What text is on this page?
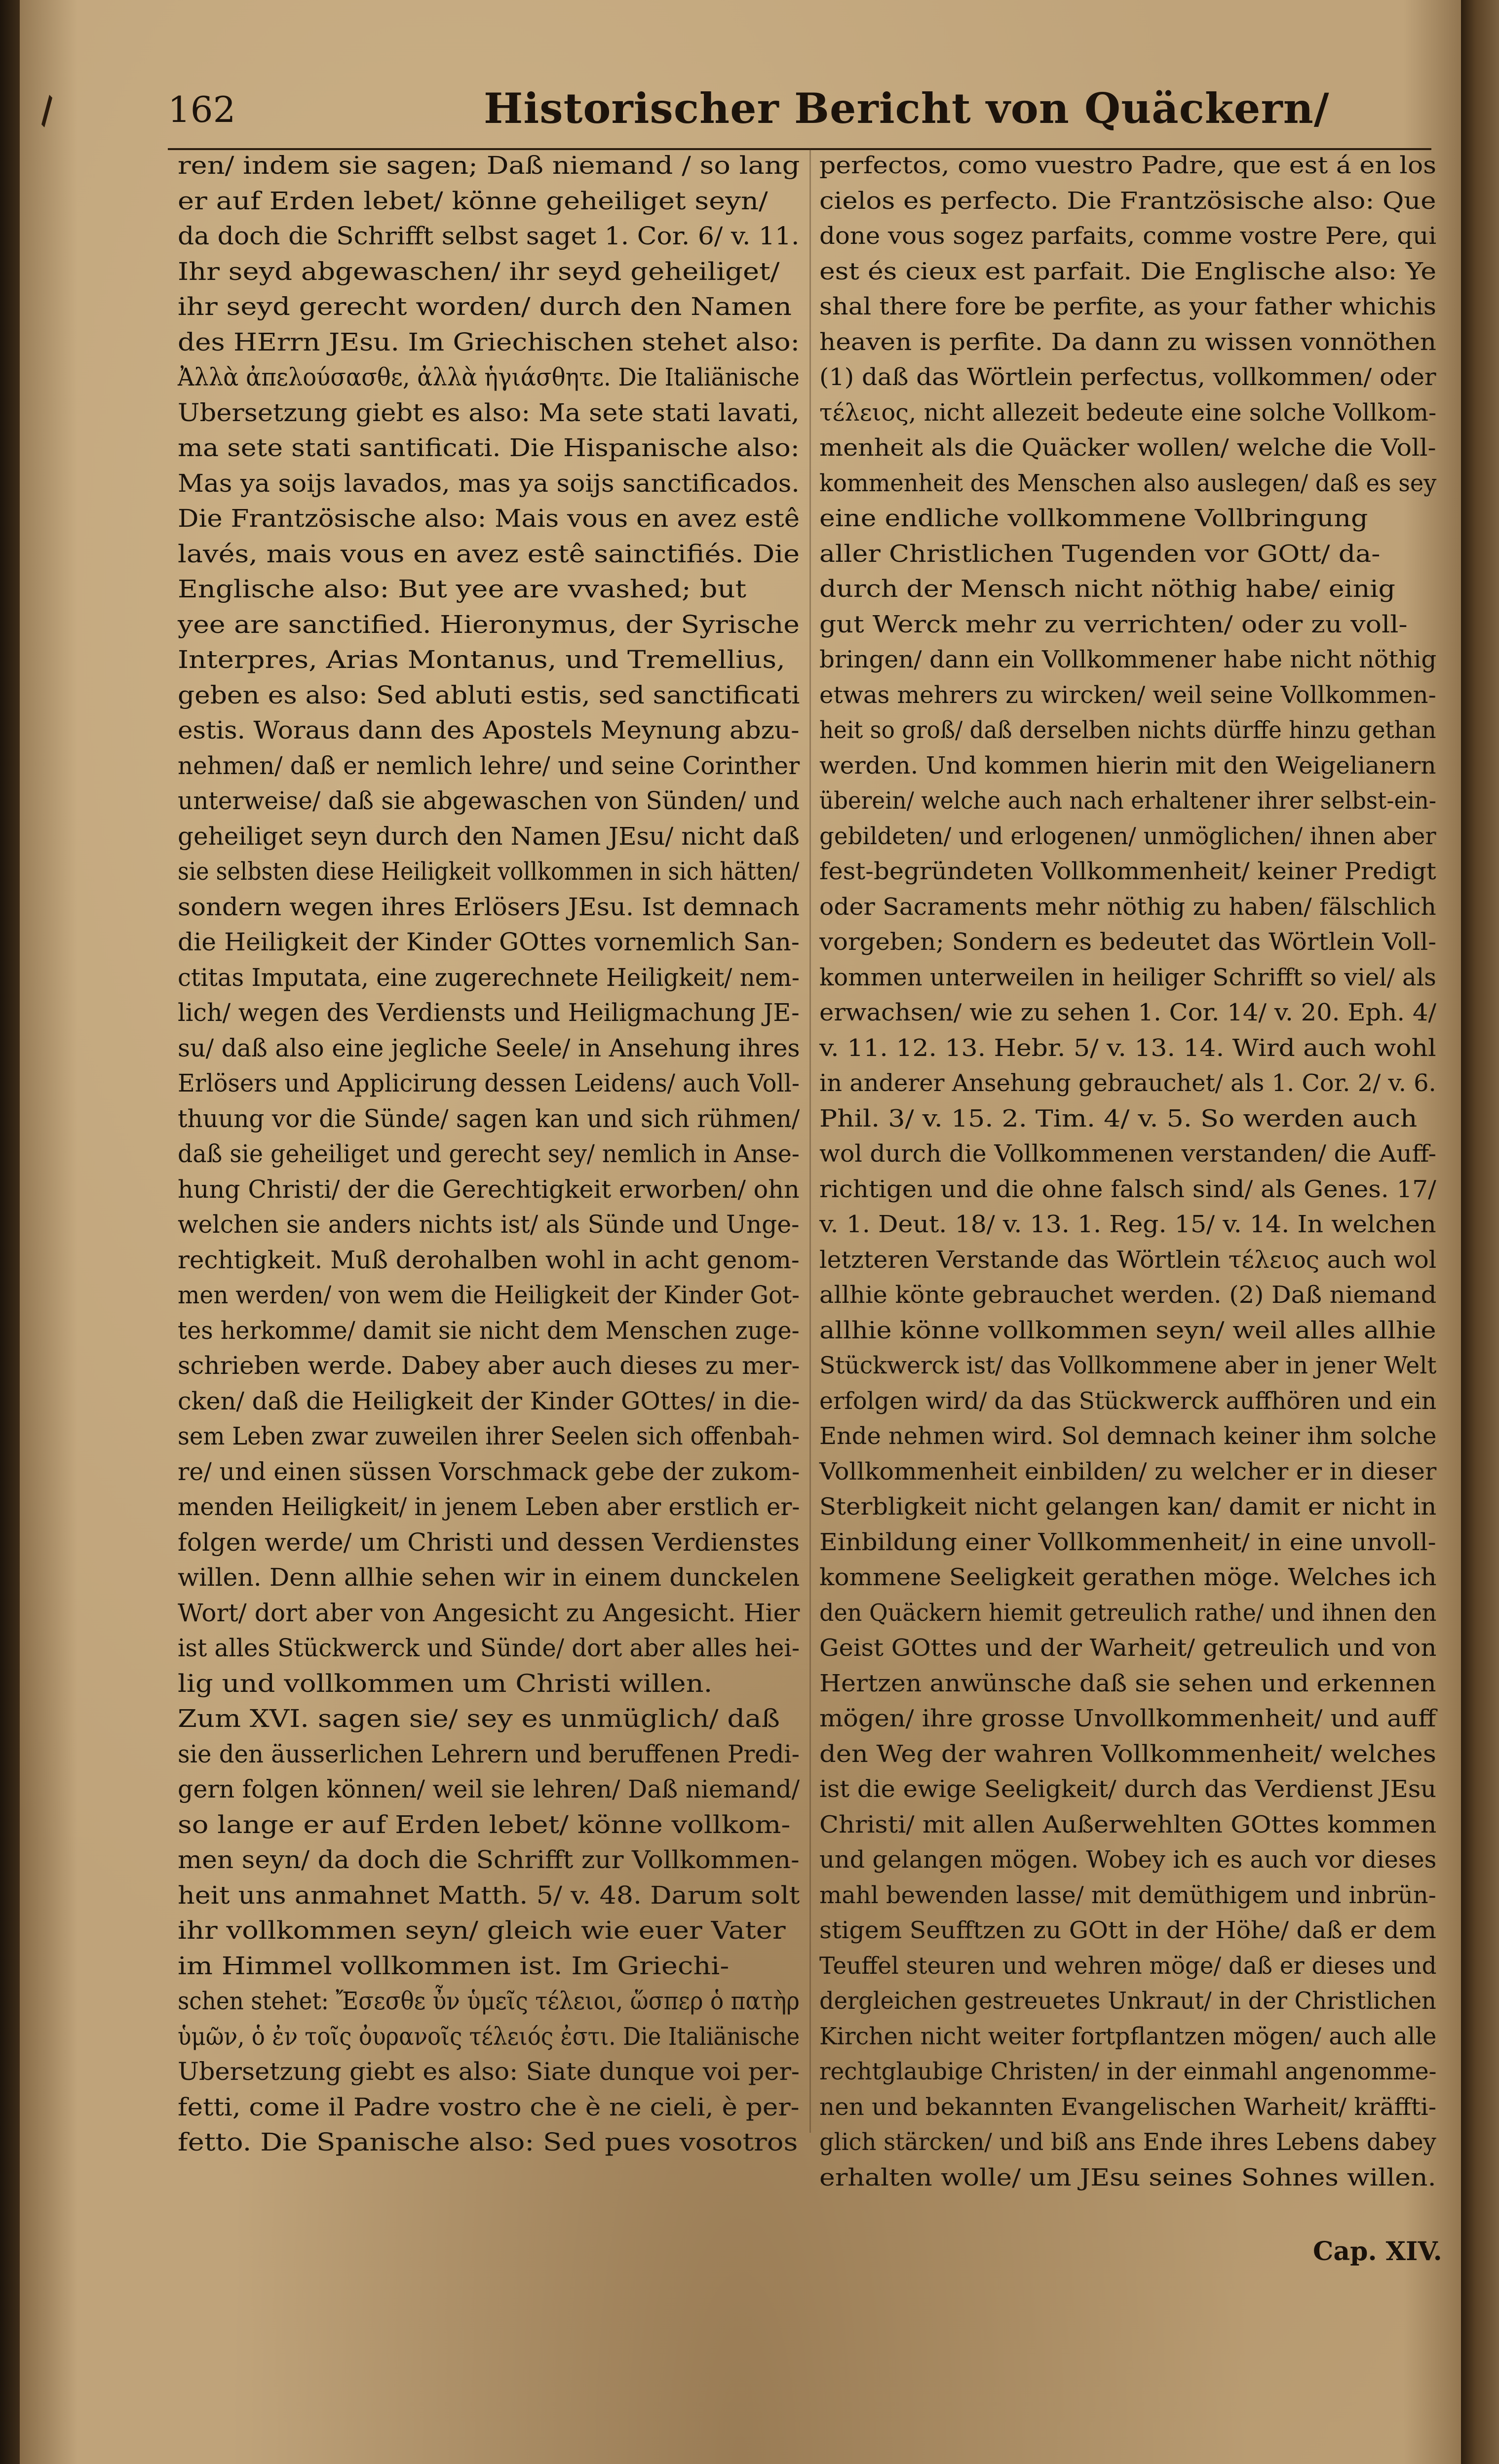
162	Historischer Bericht von Quäckern/
ren/ indem sie sagen; Daß niemand / so lang
er auf Erden lebet/ könne geheiliget seyn/
da doch die Schrifft selbst saget 1. Cor. 6/ v. 11.
Ihr seyd abgewaschen/ ihr seyd geheiliget/
ihr seyd gerecht worden/ durch den Namen
des HErrn JEsu. Im Griechischen stehet also:
Ἀλλὰ ἀπελούσασθε, ἀλλὰ ἡγιάσθητε. Die Italiänische
Ubersetzung giebt es also: Ma sete stati lavati,
ma sete stati santificati. Die Hispanische also:
Mas ya soijs lavados, mas ya soijs sanctificados.
Die Frantzösische also: Mais vous en avez estê
lavés, mais vous en avez estê sainctifiés. Die
Englische also: But yee are vvashed; but
yee are sanctified. Hieronymus, der Syrische
Interpres, Arias Montanus, und Tremellius,
geben es also: Sed abluti estis, sed sanctificati
estis. Woraus dann des Apostels Meynung abzu-
nehmen/ daß er nemlich lehre/ und seine Corinther
unterweise/ daß sie abgewaschen von Sünden/ und
geheiliget seyn durch den Namen JEsu/ nicht daß
sie selbsten diese Heiligkeit vollkommen in sich hätten/
sondern wegen ihres Erlösers JEsu. Ist demnach
die Heiligkeit der Kinder GOttes vornemlich San-
ctitas Imputata, eine zugerechnete Heiligkeit/ nem-
lich/ wegen des Verdiensts und Heiligmachung JE-
su/ daß also eine jegliche Seele/ in Ansehung ihres
Erlösers und Applicirung dessen Leidens/ auch Voll-
thuung vor die Sünde/ sagen kan und sich rühmen/
daß sie geheiliget und gerecht sey/ nemlich in Anse-
hung Christi/ der die Gerechtigkeit erworben/ ohn
welchen sie anders nichts ist/ als Sünde und Unge-
rechtigkeit. Muß derohalben wohl in acht genom-
men werden/ von wem die Heiligkeit der Kinder Got-
tes herkomme/ damit sie nicht dem Menschen zuge-
schrieben werde. Dabey aber auch dieses zu mer-
cken/ daß die Heiligkeit der Kinder GOttes/ in die-
sem Leben zwar zuweilen ihrer Seelen sich offenbah-
re/ und einen süssen Vorschmack gebe der zukom-
menden Heiligkeit/ in jenem Leben aber erstlich er-
folgen werde/ um Christi und dessen Verdienstes
willen. Denn allhie sehen wir in einem dunckelen
Wort/ dort aber von Angesicht zu Angesicht. Hier
ist alles Stückwerck und Sünde/ dort aber alles hei-
lig und vollkommen um Christi willen.
Zum XVI. sagen sie/ sey es unmüglich/ daß
sie den äusserlichen Lehrern und beruffenen Predi-
gern folgen können/ weil sie lehren/ Daß niemand/
so lange er auf Erden lebet/ könne vollkom-
men seyn/ da doch die Schrifft zur Vollkommen-
heit uns anmahnet Matth. 5/ v. 48. Darum solt
ihr vollkommen seyn/ gleich wie euer Vater
im Himmel vollkommen ist. Im Griechi-
schen stehet: Ἔσεσθε ὖν ὑμεῖς τέλειοι, ὥσπερ ὁ πατὴρ
ὑμῶν, ὁ ἐν τοῖς ὀυρανοῖς τέλειός ἐστι. Die Italiänische
Ubersetzung giebt es also: Siate dunque voi per-
fetti, come il Padre vostro che è ne cieli, è per-
fetto. Die Spanische also: Sed pues vosotros
perfectos, como vuestro Padre, que est á en los
cielos es perfecto. Die Frantzösische also: Que
done vous sogez parfaits, comme vostre Pere, qui
est és cieux est parfait. Die Englische also: Ye
shal there fore be perfite, as your father whichis
heaven is perfite. Da dann zu wissen vonnöthen
(1) daß das Wörtlein perfectus, vollkommen/ oder
τέλειος, nicht allezeit bedeute eine solche Vollkom-
menheit als die Quäcker wollen/ welche die Voll-
kommenheit des Menschen also auslegen/ daß es sey
eine endliche vollkommene Vollbringung
aller Christlichen Tugenden vor GOtt/ da-
durch der Mensch nicht nöthig habe/ einig
gut Werck mehr zu verrichten/ oder zu voll-
bringen/ dann ein Vollkommener habe nicht nöthig
etwas mehrers zu wircken/ weil seine Vollkommen-
heit so groß/ daß derselben nichts dürffe hinzu gethan
werden. Und kommen hierin mit den Weigelianern
überein/ welche auch nach erhaltener ihrer selbst-ein-
gebildeten/ und erlogenen/ unmöglichen/ ihnen aber
fest-begründeten Vollkommenheit/ keiner Predigt
oder Sacraments mehr nöthig zu haben/ fälschlich
vorgeben; Sondern es bedeutet das Wörtlein Voll-
kommen unterweilen in heiliger Schrifft so viel/ als
erwachsen/ wie zu sehen 1. Cor. 14/ v. 20. Eph. 4/
v. 11. 12. 13. Hebr. 5/ v. 13. 14. Wird auch wohl
in anderer Ansehung gebrauchet/ als 1. Cor. 2/ v. 6.
Phil. 3/ v. 15. 2. Tim. 4/ v. 5. So werden auch
wol durch die Vollkommenen verstanden/ die Auff-
richtigen und die ohne falsch sind/ als Genes. 17/
v. 1. Deut. 18/ v. 13. 1. Reg. 15/ v. 14. In welchen
letzteren Verstande das Wörtlein τέλειος auch wol
allhie könte gebrauchet werden. (2) Daß niemand
allhie könne vollkommen seyn/ weil alles allhie
Stückwerck ist/ das Vollkommene aber in jener Welt
erfolgen wird/ da das Stückwerck auffhören und ein
Ende nehmen wird. Sol demnach keiner ihm solche
Vollkommenheit einbilden/ zu welcher er in dieser
Sterbligkeit nicht gelangen kan/ damit er nicht in
Einbildung einer Vollkommenheit/ in eine unvoll-
kommene Seeligkeit gerathen möge. Welches ich
den Quäckern hiemit getreulich rathe/ und ihnen den
Geist GOttes und der Warheit/ getreulich und von
Hertzen anwünsche daß sie sehen und erkennen
mögen/ ihre grosse Unvollkommenheit/ und auff
den Weg der wahren Vollkommenheit/ welches
ist die ewige Seeligkeit/ durch das Verdienst JEsu
Christi/ mit allen Außerwehlten GOttes kommen
und gelangen mögen. Wobey ich es auch vor dieses
mahl bewenden lasse/ mit demüthigem und inbrün-
stigem Seufftzen zu GOtt in der Höhe/ daß er dem
Teuffel steuren und wehren möge/ daß er dieses und
dergleichen gestreuetes Unkraut/ in der Christlichen
Kirchen nicht weiter fortpflantzen mögen/ auch alle
rechtglaubige Christen/ in der einmahl angenomme-
nen und bekannten Evangelischen Warheit/ kräffti-
glich stärcken/ und biß ans Ende ihres Lebens dabey
erhalten wolle/ um JEsu seines Sohnes willen.
Cap. XIV.
